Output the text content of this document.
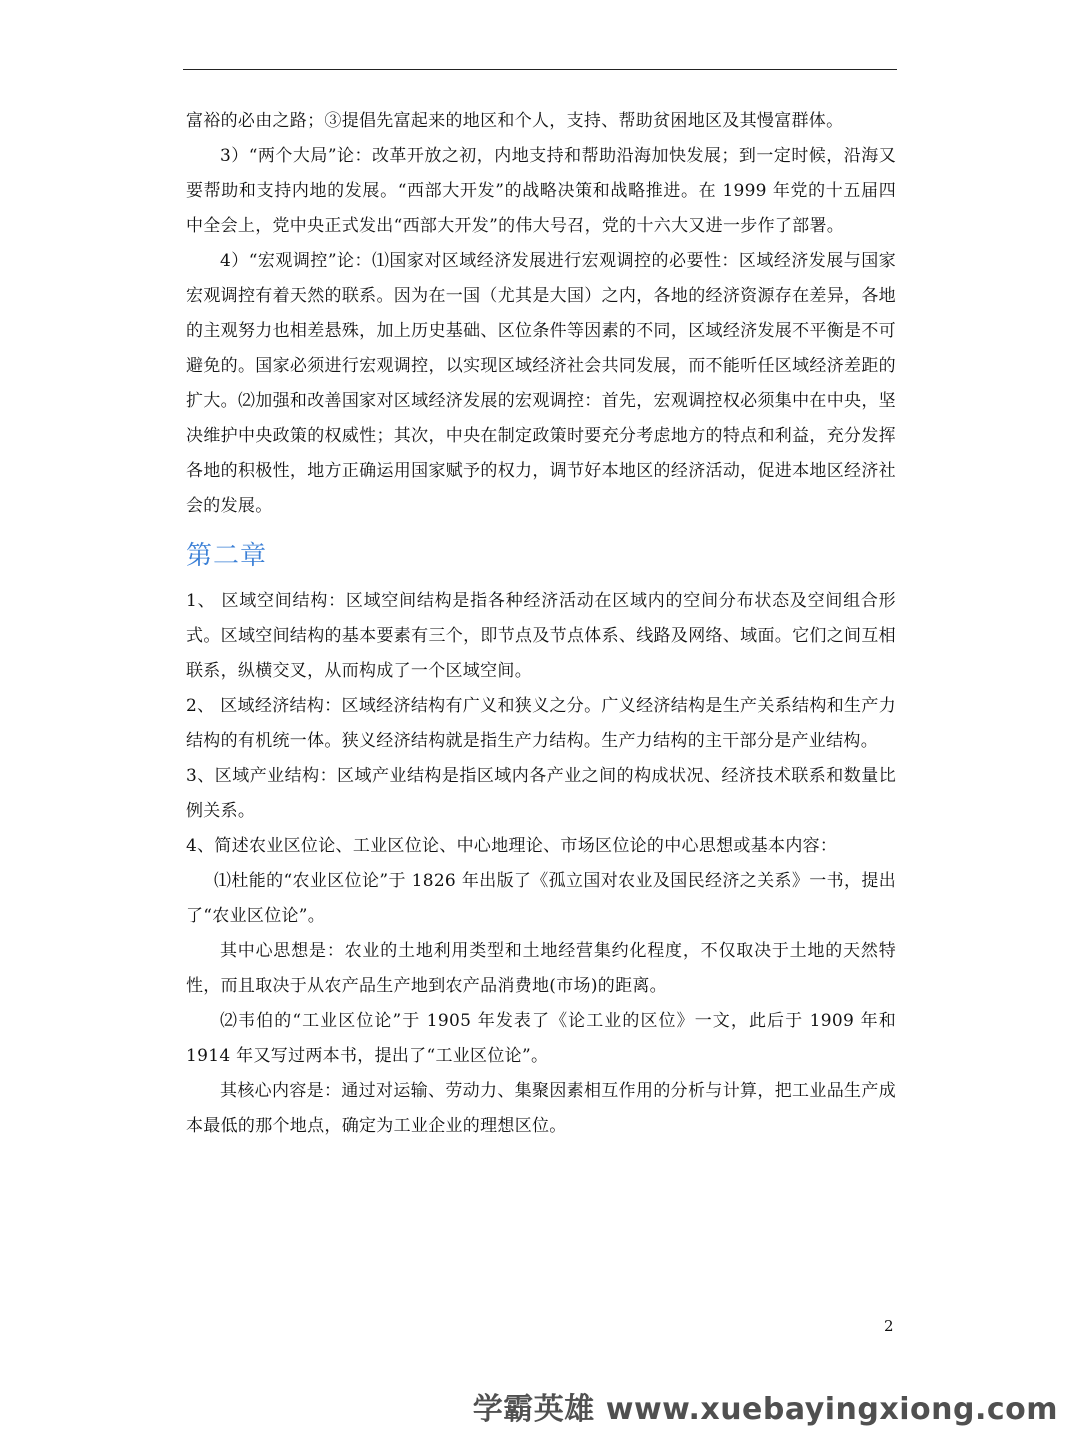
富裕的必由之路；③提倡先富起来的地区和个人，支持、帮助贫困地区及其慢富群体。

3）“两个大局”论：改革开放之初，内地支持和帮助沿海加快发展；到一定时候，沿海又要帮助和支持内地的发展。“西部大开发”的战略决策和战略推进。在 1999 年党的十五届四中全会上，党中央正式发出“西部大开发”的伟大号召，党的十六大又进一步作了部署。

4）“宏观调控”论：⑴国家对区域经济发展进行宏观调控的必要性：区域经济发展与国家宏观调控有着天然的联系。因为在一国（尤其是大国）之内，各地的经济资源存在差异，各地的主观努力也相差悬殊，加上历史基础、区位条件等因素的不同，区域经济发展不平衡是不可避免的。国家必须进行宏观调控，以实现区域经济社会共同发展，而不能听任区域经济差距的扩大。⑵加强和改善国家对区域经济发展的宏观调控：首先，宏观调控权必须集中在中央，坚决维护中央政策的权威性；其次，中央在制定政策时要充分考虑地方的特点和利益，充分发挥各地的积极性，地方正确运用国家赋予的权力，调节好本地区的经济活动，促进本地区经济社会的发展。

第二章

1、 区域空间结构：区域空间结构是指各种经济活动在区域内的空间分布状态及空间组合形式。区域空间结构的基本要素有三个，即节点及节点体系、线路及网络、域面。它们之间互相联系，纵横交叉，从而构成了一个区域空间。

2、 区域经济结构：区域经济结构有广义和狭义之分。广义经济结构是生产关系结构和生产力结构的有机统一体。狭义经济结构就是指生产力结构。生产力结构的主干部分是产业结构。

3、区域产业结构：区域产业结构是指区域内各产业之间的构成状况、经济技术联系和数量比例关系。

4、简述农业区位论、工业区位论、中心地理论、市场区位论的中心思想或基本内容：

⑴杜能的“农业区位论”于 1826 年出版了《孤立国对农业及国民经济之关系》一书，提出了“农业区位论”。

其中心思想是：农业的土地利用类型和土地经营集约化程度，不仅取决于土地的天然特性，而且取决于从农产品生产地到农产品消费地(市场)的距离。

⑵韦伯的“工业区位论”于 1905 年发表了《论工业的区位》一文，此后于 1909 年和 1914 年又写过两本书，提出了“工业区位论”。

其核心内容是：通过对运输、劳动力、集聚因素相互作用的分析与计算，把工业品生产成本最低的那个地点，确定为工业企业的理想区位。

2
学霸英雄 www.xuebayingxiong.com
